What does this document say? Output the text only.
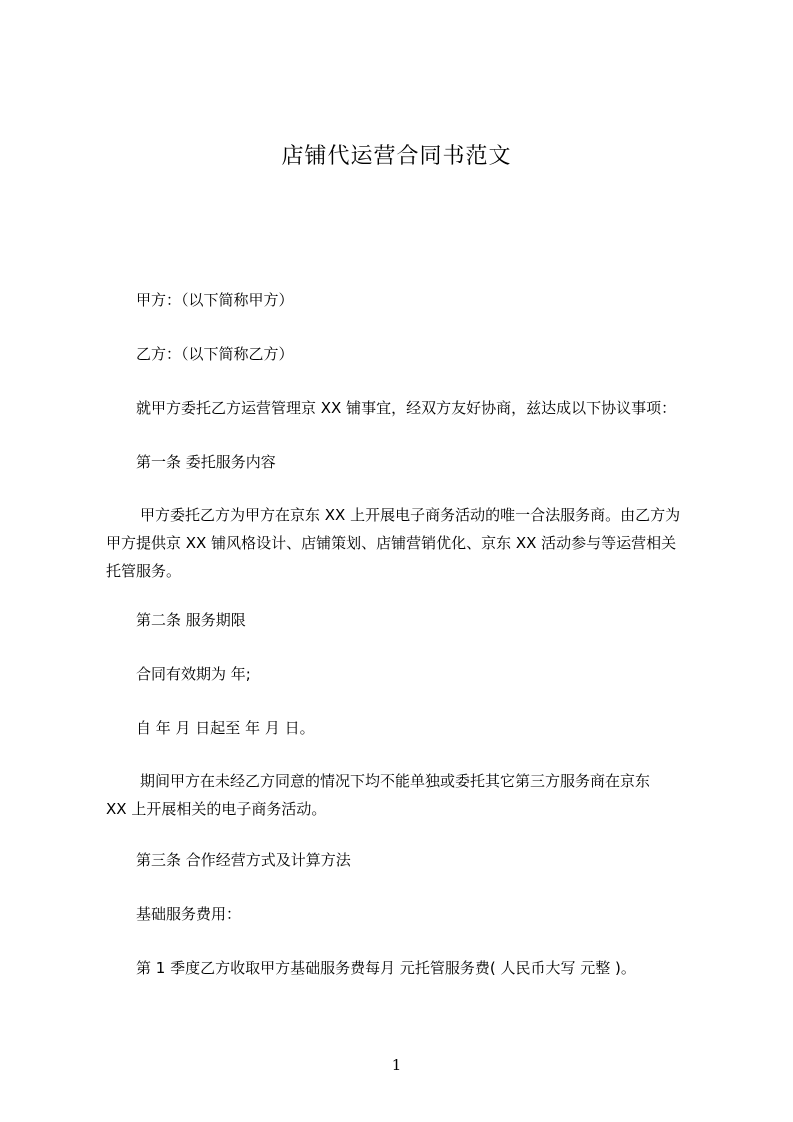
店铺代运营合同书范文

甲方：（以下简称甲方）

乙方：（以下简称乙方）

就甲方委托乙方运营管理京 XX 铺事宜，经双方友好协商，兹达成以下协议事项：

第一条 委托服务内容

甲方委托乙方为甲方在京东 XX 上开展电子商务活动的唯一合法服务商。由乙方为

甲方提供京 XX 铺风格设计、店铺策划、店铺营销优化、京东 XX 活动参与等运营相关

托管服务。

第二条 服务期限

合同有效期为 年;

自 年 月 日起至 年 月 日。

期间甲方在未经乙方同意的情况下均不能单独或委托其它第三方服务商在京东

XX 上开展相关的电子商务活动。

第三条 合作经营方式及计算方法

基础服务费用：

第 1 季度乙方收取甲方基础服务费每月 元托管服务费( 人民币大写 元整 )。

1
